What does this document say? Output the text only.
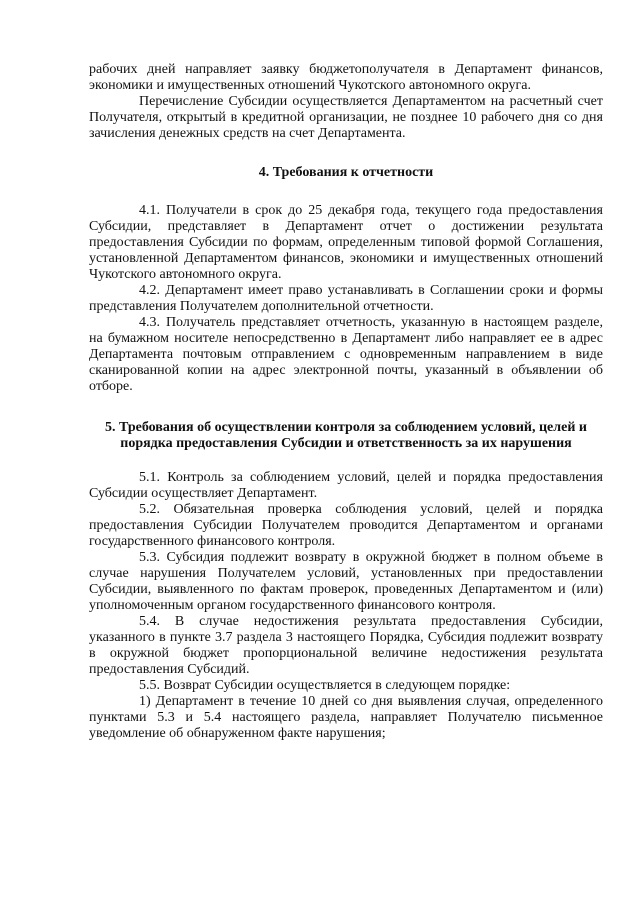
рабочих дней направляет заявку бюджетополучателя в Департамент финансов, экономики и имущественных отношений Чукотского автономного округа.

Перечисление Субсидии осуществляется Департаментом на расчетный счет Получателя, открытый в кредитной организации, не позднее 10 рабочего дня со дня зачисления денежных средств на счет Департамента.

4. Требования к отчетности

4.1. Получатели в срок до 25 декабря года, текущего года предоставления Субсидии, представляет в Департамент отчет о достижении результата предоставления Субсидии по формам, определенным типовой формой Соглашения, установленной Департаментом финансов, экономики и имущественных отношений Чукотского автономного округа.

4.2. Департамент имеет право устанавливать в Соглашении сроки и формы представления Получателем дополнительной отчетности.

4.3. Получатель представляет отчетность, указанную в настоящем разделе, на бумажном носителе непосредственно в Департамент либо направляет ее в адрес Департамента почтовым отправлением с одновременным направлением в виде сканированной копии на адрес электронной почты, указанный в объявлении об отборе.

5. Требования об осуществлении контроля за соблюдением условий, целей и порядка предоставления Субсидии и ответственность за их нарушения

5.1. Контроль за соблюдением условий, целей и порядка предоставления Субсидии осуществляет Департамент.

5.2. Обязательная проверка соблюдения условий, целей и порядка предоставления Субсидии Получателем проводится Департаментом и органами государственного финансового контроля.

5.3. Субсидия подлежит возврату в окружной бюджет в полном объеме в случае нарушения Получателем условий, установленных при предоставлении Субсидии, выявленного по фактам проверок, проведенных Департаментом и (или) уполномоченным органом государственного финансового контроля.

5.4. В случае недостижения результата предоставления Субсидии, указанного в пункте 3.7 раздела 3 настоящего Порядка, Субсидия подлежит возврату в окружной бюджет пропорциональной величине недостижения результата предоставления Субсидий.

5.5. Возврат Субсидии осуществляется в следующем порядке:

1) Департамент в течение 10 дней со дня выявления случая, определенного пунктами 5.3 и 5.4 настоящего раздела, направляет Получателю письменное уведомление об обнаруженном факте нарушения;
